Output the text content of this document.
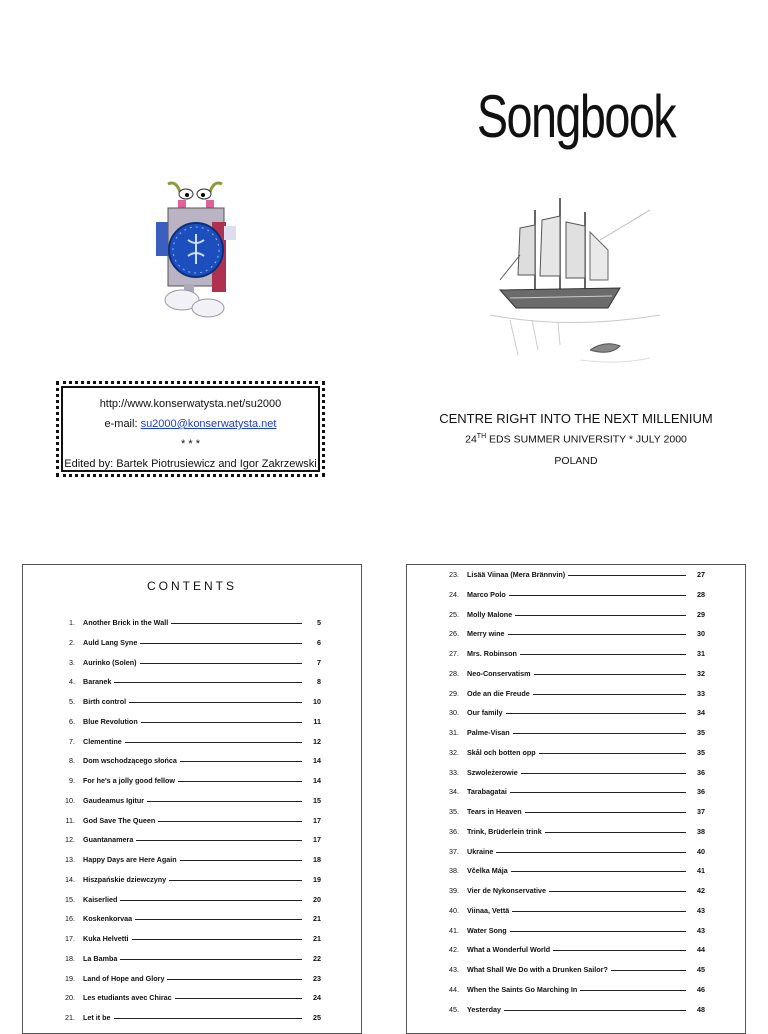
Songbook
http://www.konserwatysta.net/su2000
e-mail: su2000@konserwatysta.net
* * *
Edited by: Bartek Piotrusiewicz and Igor Zakrzewski
CENTRE RIGHT INTO THE NEXT MILLENIUM
24TH EDS SUMMER UNIVERSITY * JULY 2000
POLAND
CONTENTS
1. Another Brick in the Wall	5
2. Auld Lang Syne	6
3. Aurinko (Solen)	7
4. Baranek	8
5. Birth control	10
6. Blue Revolution	11
7. Clementine	12
8. Dom wschodzącego słońca	14
9. For he's a jolly good fellow	14
10. Gaudeamus Igitur	15
11. God Save The Queen	17
12. Guantanamera	17
13. Happy Days are Here Again	18
14. Hiszpańskie dziewczyny	19
15. Kaiserlied	20
16. Koskenkorvaa	21
17. Kuka Helvetti	21
18. La Bamba	22
19. Land of Hope and Glory	23
20. Les etudiants avec Chirac	24
21. Let it be	25
23. Lisää Viinaa (Mera Brännvin)	27
24. Marco Polo	28
25. Molly Malone	29
26. Merry wine	30
27. Mrs. Robinson	31
28. Neo-Conservatism	32
29. Ode an die Freude	33
30. Our family	34
31. Palme-Visan	35
32. Skål och botten opp	35
33. Szwoleżerowie	36
34. Tarabagatai	36
35. Tears in Heaven	37
36. Trink, Brüderlein trink	38
37. Ukraine	40
38. Včelka Mája	41
39. Vier de Nykonservative	42
40. Viinaa, Vettä	43
41. Water Song	43
42. What a Wonderful World	44
43. What Shall We Do with a Drunken Sailor?	45
44. When the Saints Go Marching In	46
45. Yesterday	48
